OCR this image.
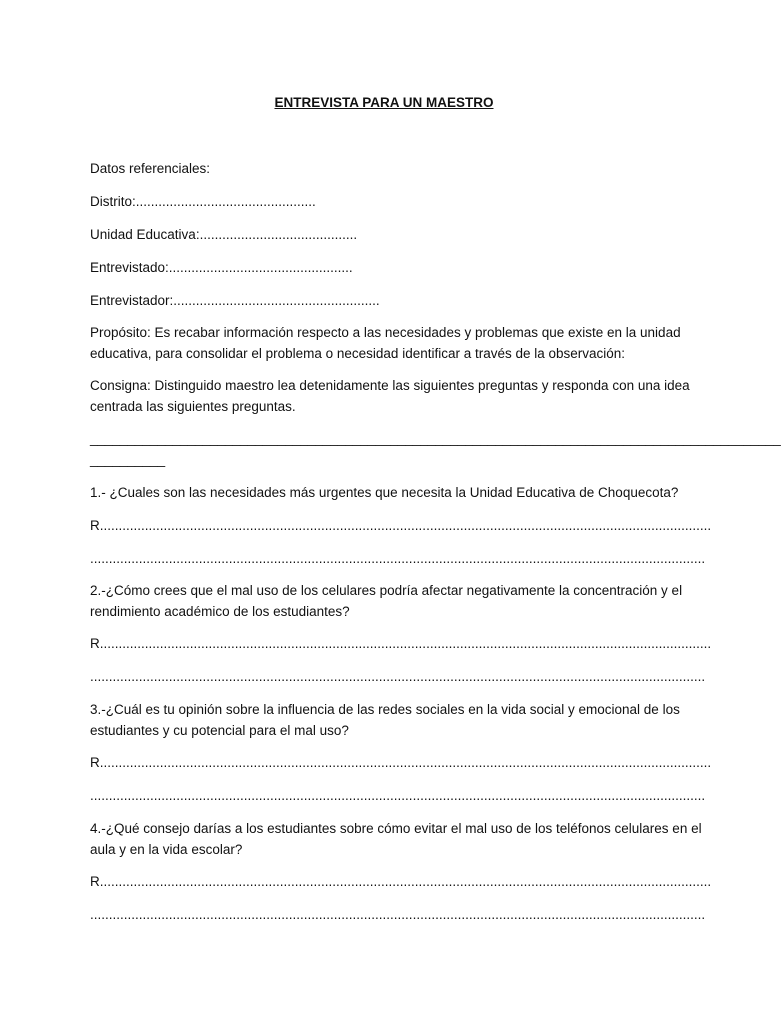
ENTREVISTA PARA UN MAESTRO
Datos referenciales:
Distrito:................................................
Unidad Educativa:..........................................
Entrevistado:.................................................
Entrevistador:.......................................................
Propósito: Es recabar información respecto a las necesidades y problemas que existe en la unidad
educativa, para consolidar el problema o necesidad identificar a través de la observación:
Consigna: Distinguido maestro lea detenidamente las siguientes preguntas y responda con una idea
centrada las siguientes preguntas.
____________________________________________________________________________________________
__________
1.- ¿Cuales son las necesidades más urgentes que necesita la Unidad Educativa de Choquecota?
R...................................................................................................................................................................
....................................................................................................................................................................
2.-¿Cómo crees que el mal uso de los celulares podría afectar negativamente la concentración y el
rendimiento académico de los estudiantes?
R...................................................................................................................................................................
....................................................................................................................................................................
3.-¿Cuál es tu opinión sobre la influencia de las redes sociales en la vida social y emocional de los
estudiantes y cu potencial para el mal uso?
R...................................................................................................................................................................
....................................................................................................................................................................
4.-¿Qué consejo darías a los estudiantes sobre cómo evitar el mal uso de los teléfonos celulares en el
aula y en la vida escolar?
R...................................................................................................................................................................
....................................................................................................................................................................
